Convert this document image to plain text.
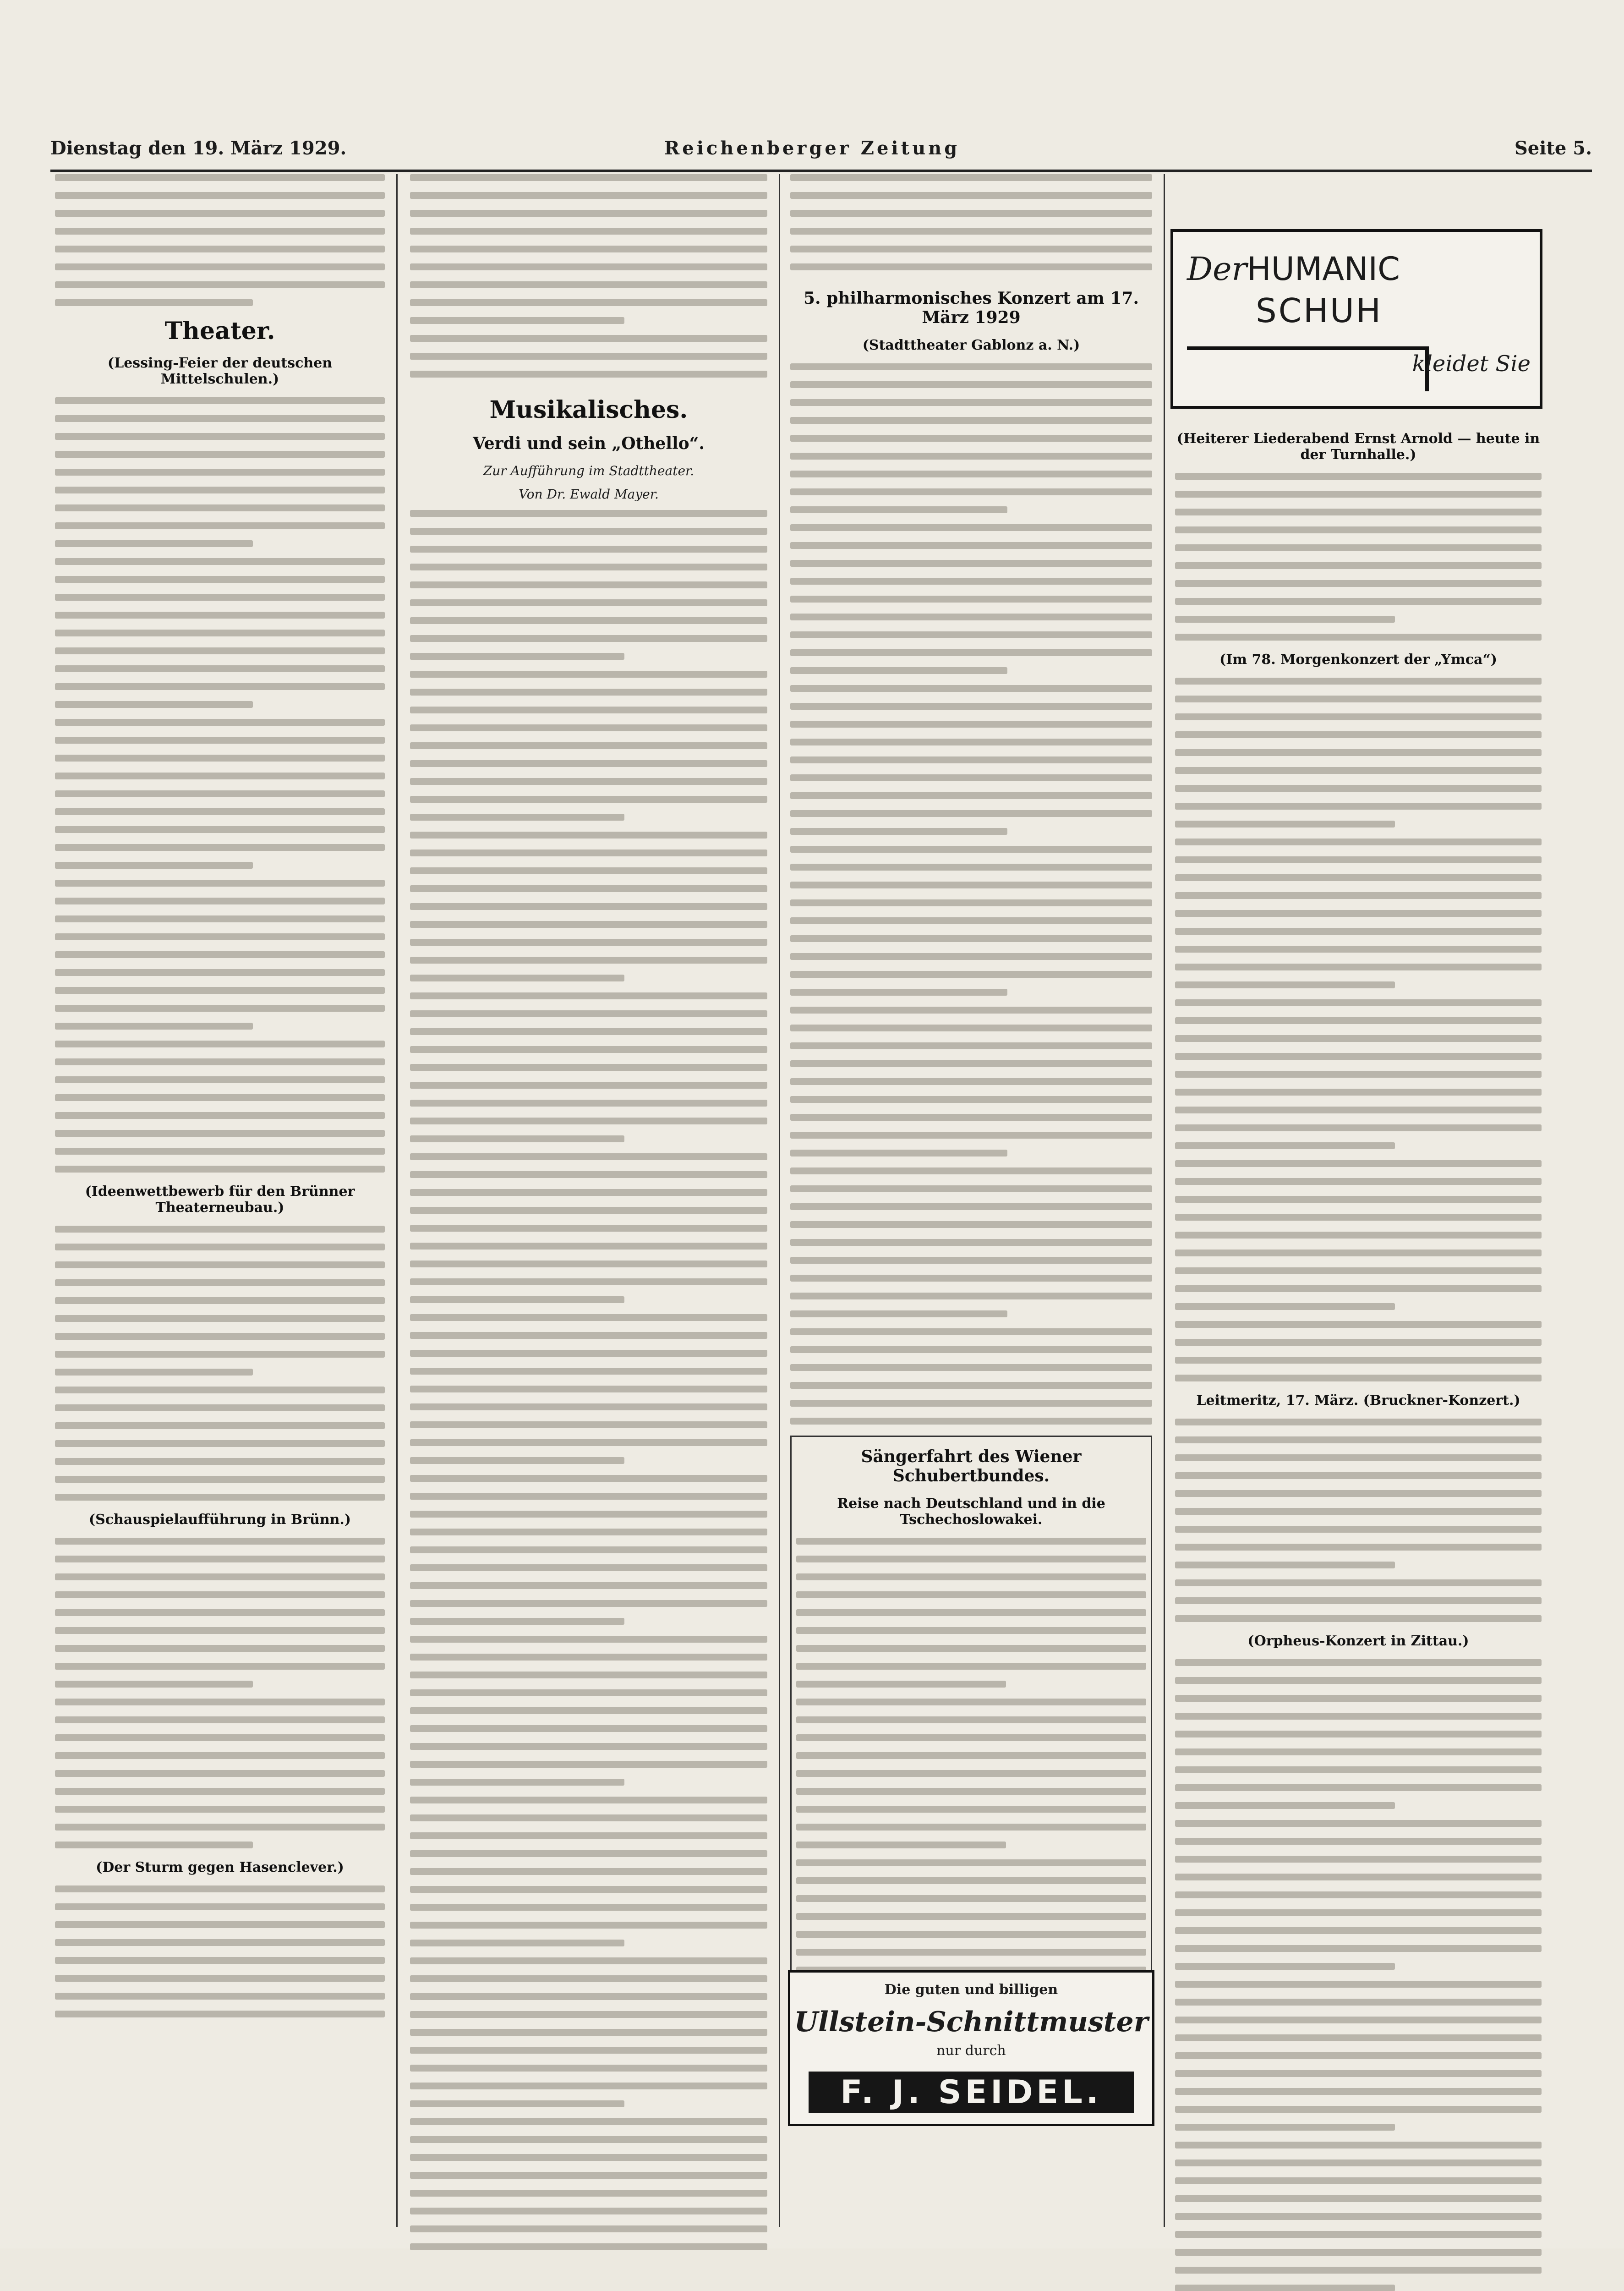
Dienstag den 19. März 1929.	Reichenberger Zeitung	Seite 5.
Theater.
(Lessing-Feier der deutschen Mittelschulen.)
(Ideenwettbewerb für den Brünner Theaterneubau.)
(Schauspielaufführung in Brünn.)
(Der Sturm gegen Hasenclever.)
Musikalisches.
Verdi und sein „Othello“.
Zur Aufführung im Stadttheater.
Von Dr. Ewald Mayer.
5. philharmonisches Konzert am 17. März 1929
(Stadttheater Gablonz a. N.)
Sängerfahrt des Wiener Schubertbundes.
Reise nach Deutschland und in die Tschechoslowakei.
(Heiterer Liederabend Ernst Arnold — heute in der Turnhalle.)
(Im 78. Morgenkonzert der „Ymca“)
Leitmeritz, 17. März. (Bruckner-Konzert.)
(Orpheus-Konzert in Zittau.)
DerHUMANIC
SCHUH
kleidet Sie
Die guten und billigen
Ullstein-Schnittmuster
nur durch
F. J. SEIDEL.
